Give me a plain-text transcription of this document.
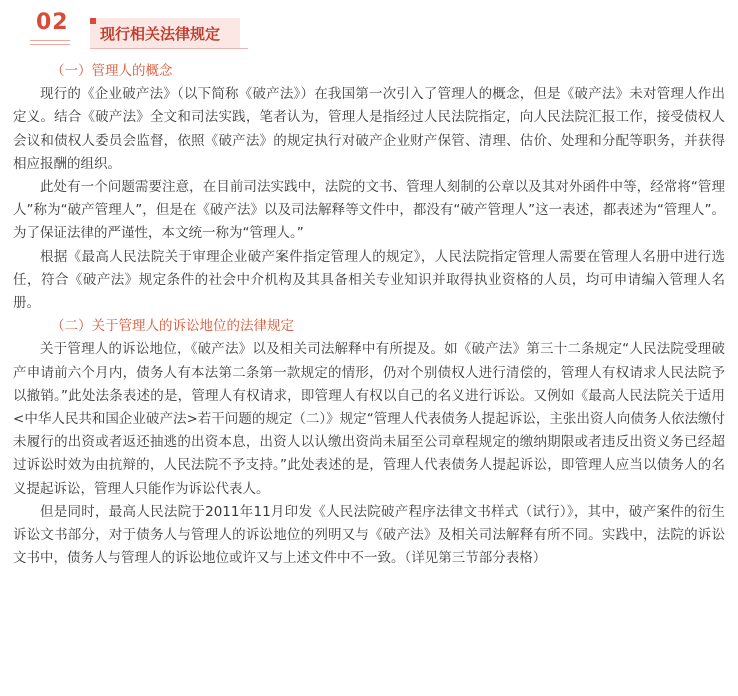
02 现行相关法律规定

（一）管理人的概念

现行的《企业破产法》（以下简称《破产法》）在我国第一次引入了管理人的概念，但是《破产法》未对管理人作出定义。结合《破产法》全文和司法实践，笔者认为，管理人是指经过人民法院指定，向人民法院汇报工作，接受债权人会议和债权人委员会监督，依照《破产法》的规定执行对破产企业财产保管、清理、估价、处理和分配等职务，并获得相应报酬的组织。

此处有一个问题需要注意，在目前司法实践中，法院的文书、管理人刻制的公章以及其对外函件中等，经常将“管理人”称为“破产管理人”，但是在《破产法》以及司法解释等文件中，都没有“破产管理人”这一表述，都表述为“管理人”。为了保证法律的严谨性，本文统一称为“管理人。”

根据《最高人民法院关于审理企业破产案件指定管理人的规定》，人民法院指定管理人需要在管理人名册中进行选任，符合《破产法》规定条件的社会中介机构及其具备相关专业知识并取得执业资格的人员，均可申请编入管理人名册。

（二）关于管理人的诉讼地位的法律规定

关于管理人的诉讼地位，《破产法》以及相关司法解释中有所提及。如《破产法》第三十二条规定“人民法院受理破产申请前六个月内，债务人有本法第二条第一款规定的情形，仍对个别债权人进行清偿的，管理人有权请求人民法院予以撤销。”此处法条表述的是，管理人有权请求，即管理人有权以自己的名义进行诉讼。又例如《最高人民法院关于适用<中华人民共和国企业破产法>若干问题的规定（二）》规定“管理人代表债务人提起诉讼，主张出资人向债务人依法缴付未履行的出资或者返还抽逃的出资本息，出资人以认缴出资尚未届至公司章程规定的缴纳期限或者违反出资义务已经超过诉讼时效为由抗辩的，人民法院不予支持。”此处表述的是，管理人代表债务人提起诉讼，即管理人应当以债务人的名义提起诉讼，管理人只能作为诉讼代表人。

但是同时，最高人民法院于2011年11月印发《人民法院破产程序法律文书样式（试行）》，其中，破产案件的衍生诉讼文书部分，对于债务人与管理人的诉讼地位的列明又与《破产法》及相关司法解释有所不同。实践中，法院的诉讼文书中，债务人与管理人的诉讼地位或许又与上述文件中不一致。（详见第三节部分表格）
